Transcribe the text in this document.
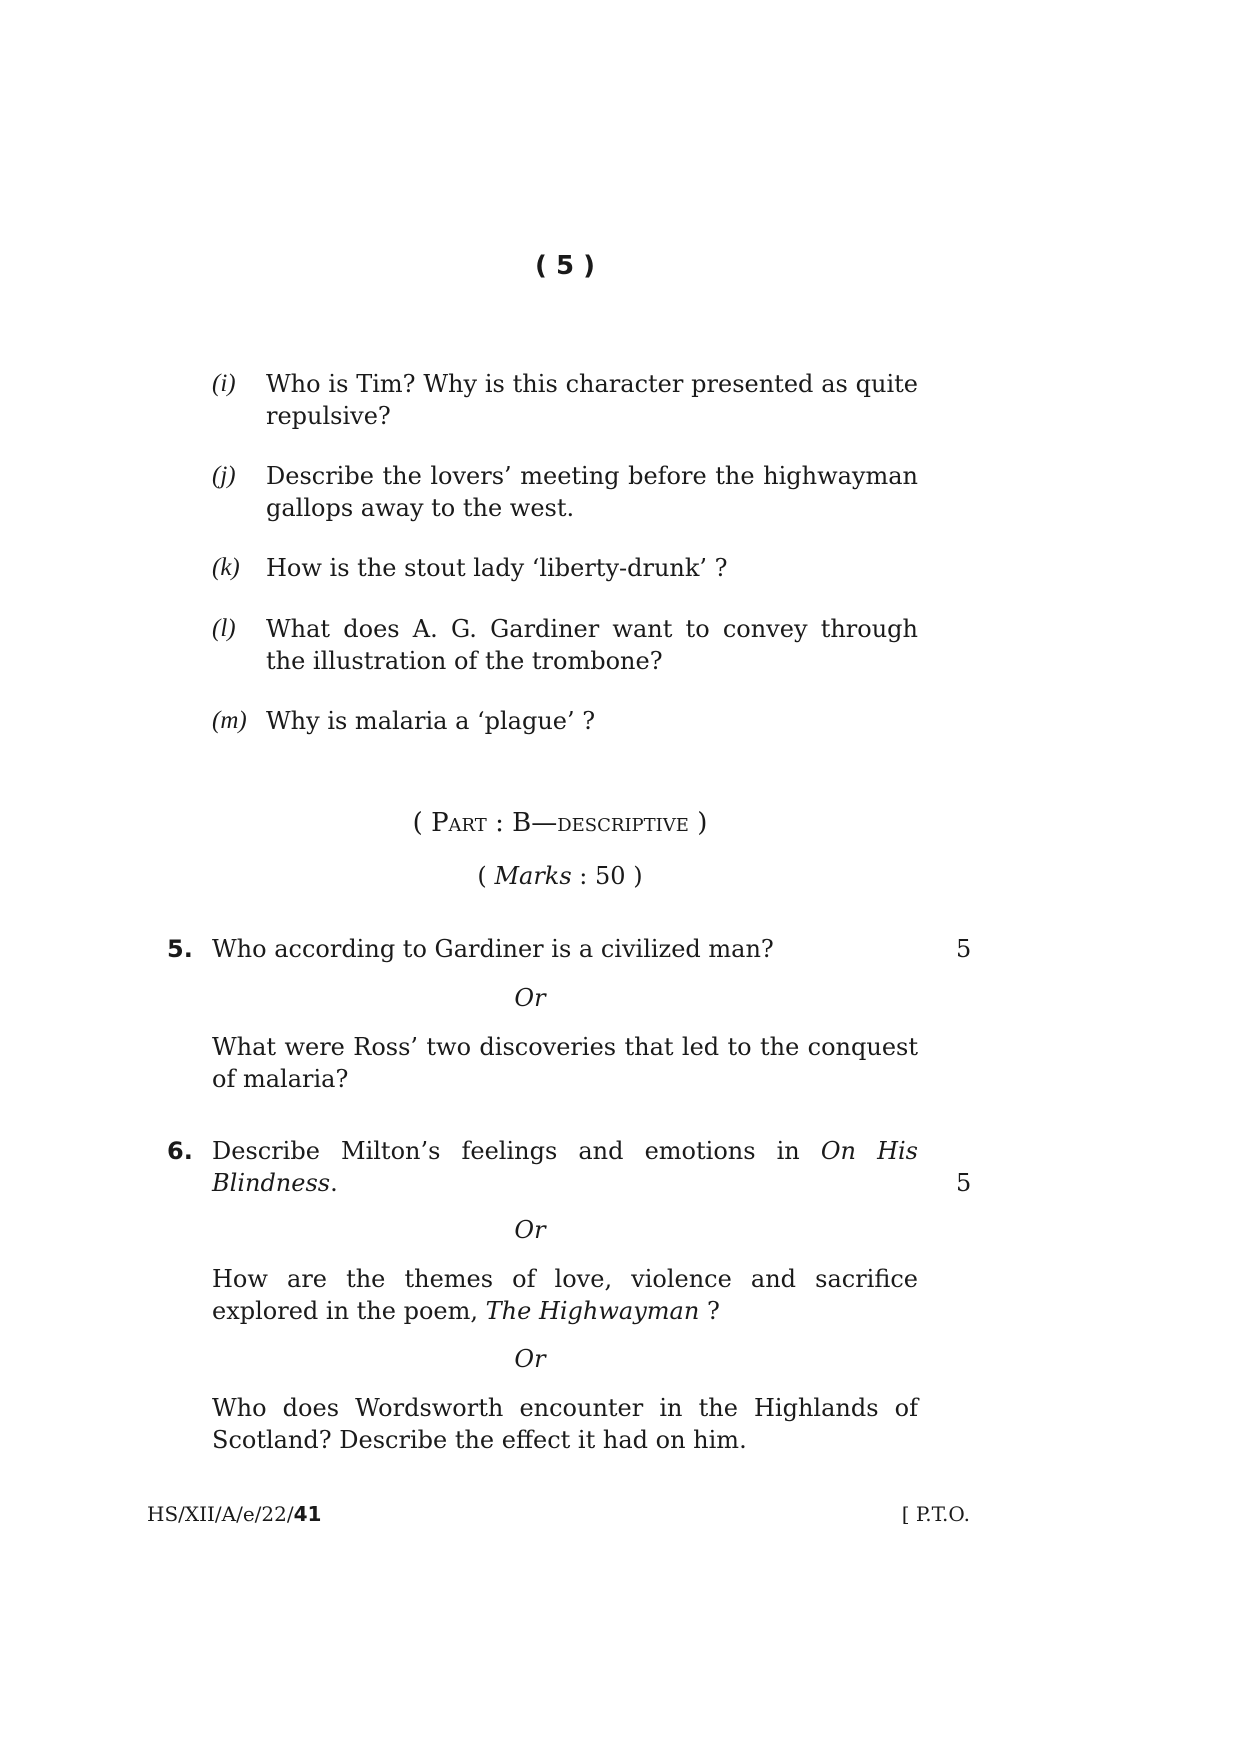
( 5 )
(i) Who is Tim? Why is this character presented as quite repulsive?
(j) Describe the lovers’ meeting before the highwayman gallops away to the west.
(k) How is the stout lady ‘liberty-drunk’ ?
(l) What does A. G. Gardiner want to convey through the illustration of the trombone?
(m) Why is malaria a ‘plague’ ?
( Part : B—descriptive )
( Marks : 50 )
5. Who according to Gardiner is a civilized man?	5
Or
What were Ross’ two discoveries that led to the conquest of malaria?
6. Describe Milton’s feelings and emotions in On His Blindness.	5
Or
How are the themes of love, violence and sacrifice explored in the poem, The Highwayman ?
Or
Who does Wordsworth encounter in the Highlands of Scotland? Describe the effect it had on him.
HS/XII/A/e/22/41	[ P.T.O.
